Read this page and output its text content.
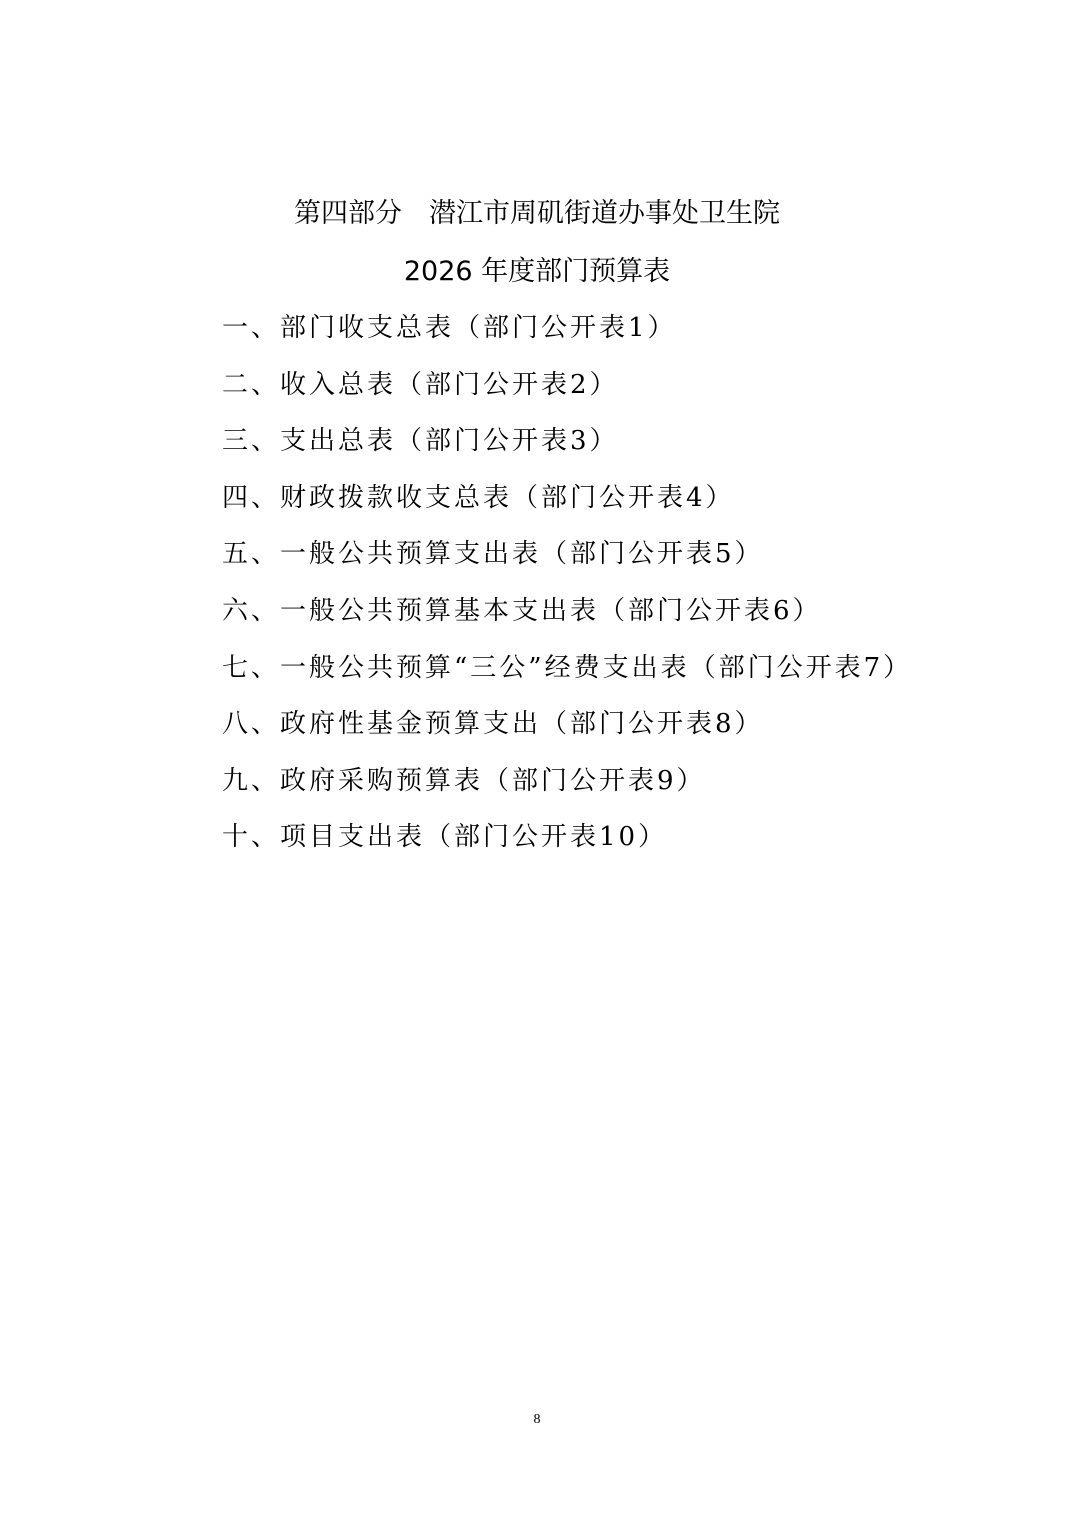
第四部分　潜江市周矶街道办事处卫生院
2026 年度部门预算表
一、部门收支总表（部门公开表1）
二、收入总表（部门公开表2）
三、支出总表（部门公开表3）
四、财政拨款收支总表（部门公开表4）
五、一般公共预算支出表（部门公开表5）
六、一般公共预算基本支出表（部门公开表6）
七、一般公共预算“三公”经费支出表（部门公开表7）
八、政府性基金预算支出（部门公开表8）
九、政府采购预算表（部门公开表9）
十、项目支出表（部门公开表10）
8
